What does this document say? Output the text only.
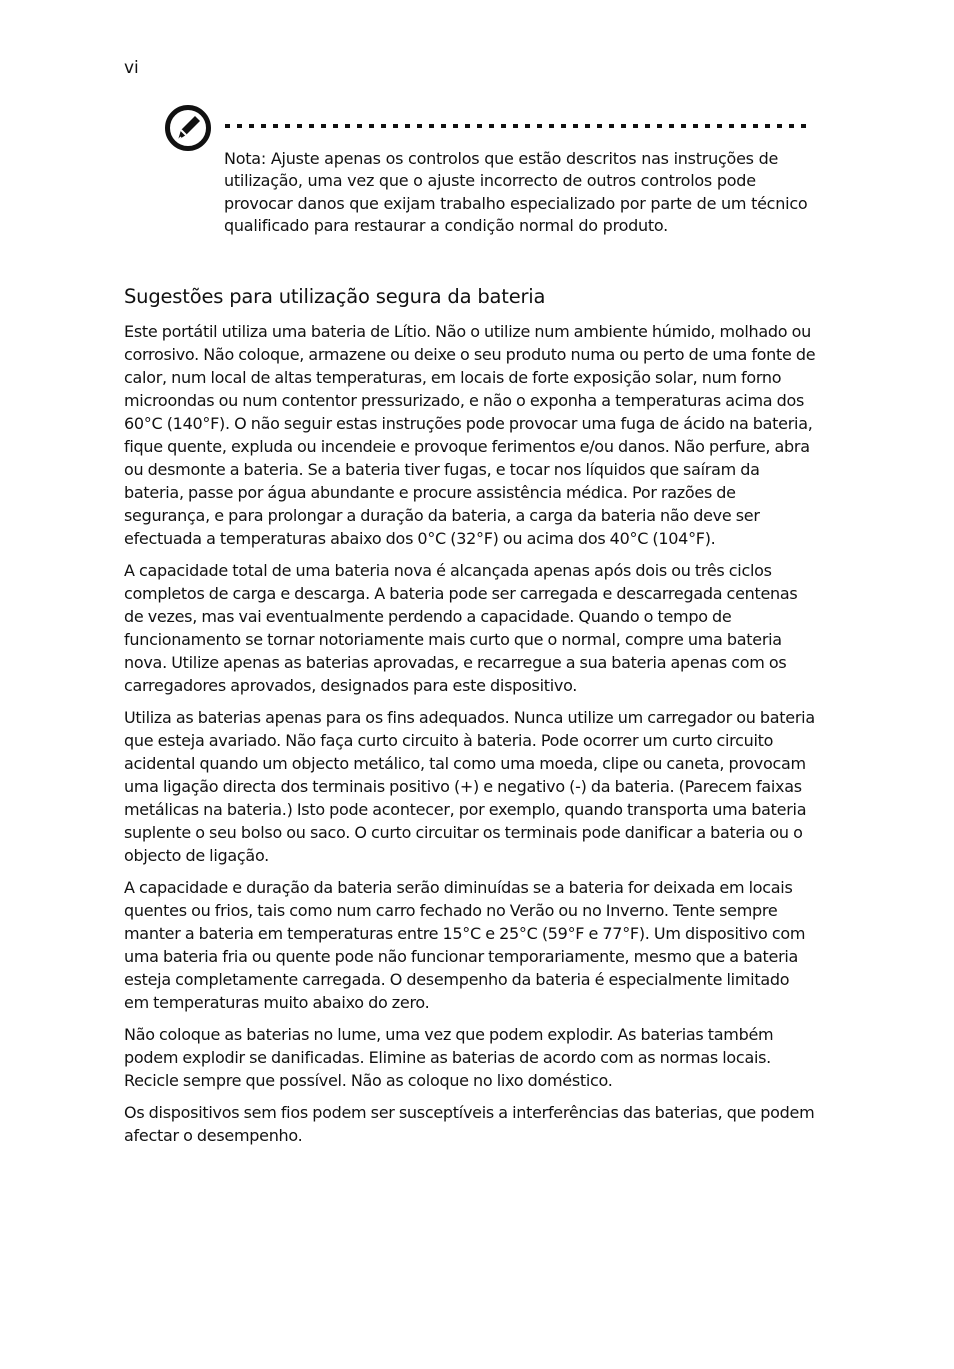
vi
Nota: Ajuste apenas os controlos que estão descritos nas instruções de utilização, uma vez que o ajuste incorrecto de outros controlos pode provocar danos que exijam trabalho especializado por parte de um técnico qualificado para restaurar a condição normal do produto.
Sugestões para utilização segura da bateria

Este portátil utiliza uma bateria de Lítio. Não o utilize num ambiente húmido, molhado ou corrosivo. Não coloque, armazene ou deixe o seu produto numa ou perto de uma fonte de calor, num local de altas temperaturas, em locais de forte exposição solar, num forno microondas ou num contentor pressurizado, e não o exponha a temperaturas acima dos 60°C (140°F). O não seguir estas instruções pode provocar uma fuga de ácido na bateria, fique quente, expluda ou incendeie e provoque ferimentos e/ou danos. Não perfure, abra ou desmonte a bateria. Se a bateria tiver fugas, e tocar nos líquidos que saíram da bateria, passe por água abundante e procure assistência médica. Por razões de segurança, e para prolongar a duração da bateria, a carga da bateria não deve ser efectuada a temperaturas abaixo dos 0°C (32°F) ou acima dos 40°C (104°F).

A capacidade total de uma bateria nova é alcançada apenas após dois ou três ciclos completos de carga e descarga. A bateria pode ser carregada e descarregada centenas de vezes, mas vai eventualmente perdendo a capacidade. Quando o tempo de funcionamento se tornar notoriamente mais curto que o normal, compre uma bateria nova. Utilize apenas as baterias aprovadas, e recarregue a sua bateria apenas com os carregadores aprovados, designados para este dispositivo.

Utiliza as baterias apenas para os fins adequados. Nunca utilize um carregador ou bateria que esteja avariado. Não faça curto circuito à bateria. Pode ocorrer um curto circuito acidental quando um objecto metálico, tal como uma moeda, clipe ou caneta, provocam uma ligação directa dos terminais positivo (+) e negativo (-) da bateria. (Parecem faixas metálicas na bateria.) Isto pode acontecer, por exemplo, quando transporta uma bateria suplente o seu bolso ou saco. O curto circuitar os terminais pode danificar a bateria ou o objecto de ligação.

A capacidade e duração da bateria serão diminuídas se a bateria for deixada em locais quentes ou frios, tais como num carro fechado no Verão ou no Inverno. Tente sempre manter a bateria em temperaturas entre 15°C e 25°C (59°F e 77°F). Um dispositivo com uma bateria fria ou quente pode não funcionar temporariamente, mesmo que a bateria esteja completamente carregada. O desempenho da bateria é especialmente limitado em temperaturas muito abaixo do zero.

Não coloque as baterias no lume, uma vez que podem explodir. As baterias também podem explodir se danificadas. Elimine as baterias de acordo com as normas locais. Recicle sempre que possível. Não as coloque no lixo doméstico.

Os dispositivos sem fios podem ser susceptíveis a interferências das baterias, que podem afectar o desempenho.
